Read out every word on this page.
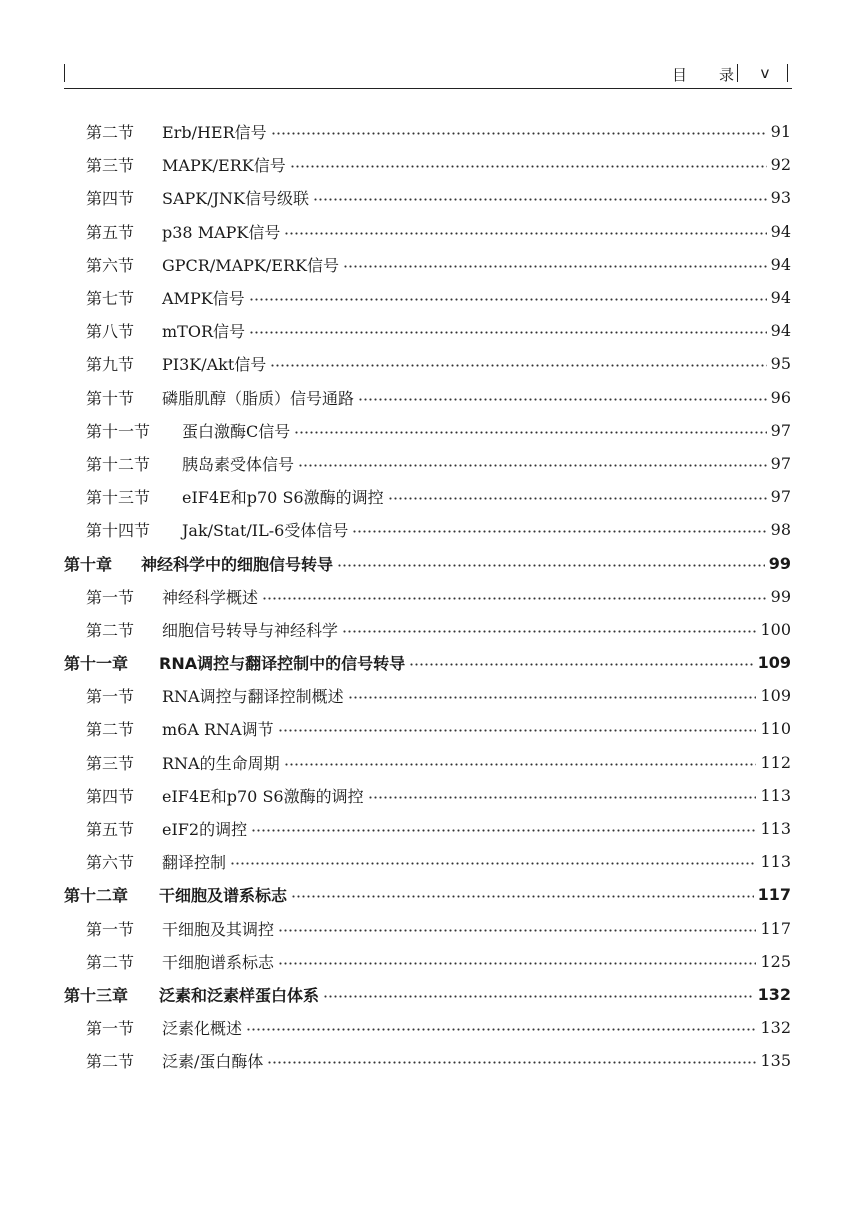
目 录	v
第二节	Erb/HER信号	91
第三节	MAPK/ERK信号	92
第四节	SAPK/JNK信号级联	93
第五节	p38 MAPK信号	94
第六节	GPCR/MAPK/ERK信号	94
第七节	AMPK信号	94
第八节	mTOR信号	94
第九节	PI3K/Akt信号	95
第十节	磷脂肌醇（脂质）信号通路	96
第十一节	蛋白激酶C信号	97
第十二节	胰岛素受体信号	97
第十三节	eIF4E和p70 S6激酶的调控	97
第十四节	Jak/Stat/IL-6受体信号	98
第十章	神经科学中的细胞信号转导	99
第一节	神经科学概述	99
第二节	细胞信号转导与神经科学	100
第十一章	RNA调控与翻译控制中的信号转导	109
第一节	RNA调控与翻译控制概述	109
第二节	m6A RNA调节	110
第三节	RNA的生命周期	112
第四节	eIF4E和p70 S6激酶的调控	113
第五节	eIF2的调控	113
第六节	翻译控制	113
第十二章	干细胞及谱系标志	117
第一节	干细胞及其调控	117
第二节	干细胞谱系标志	125
第十三章	泛素和泛素样蛋白体系	132
第一节	泛素化概述	132
第二节	泛素/蛋白酶体	135
